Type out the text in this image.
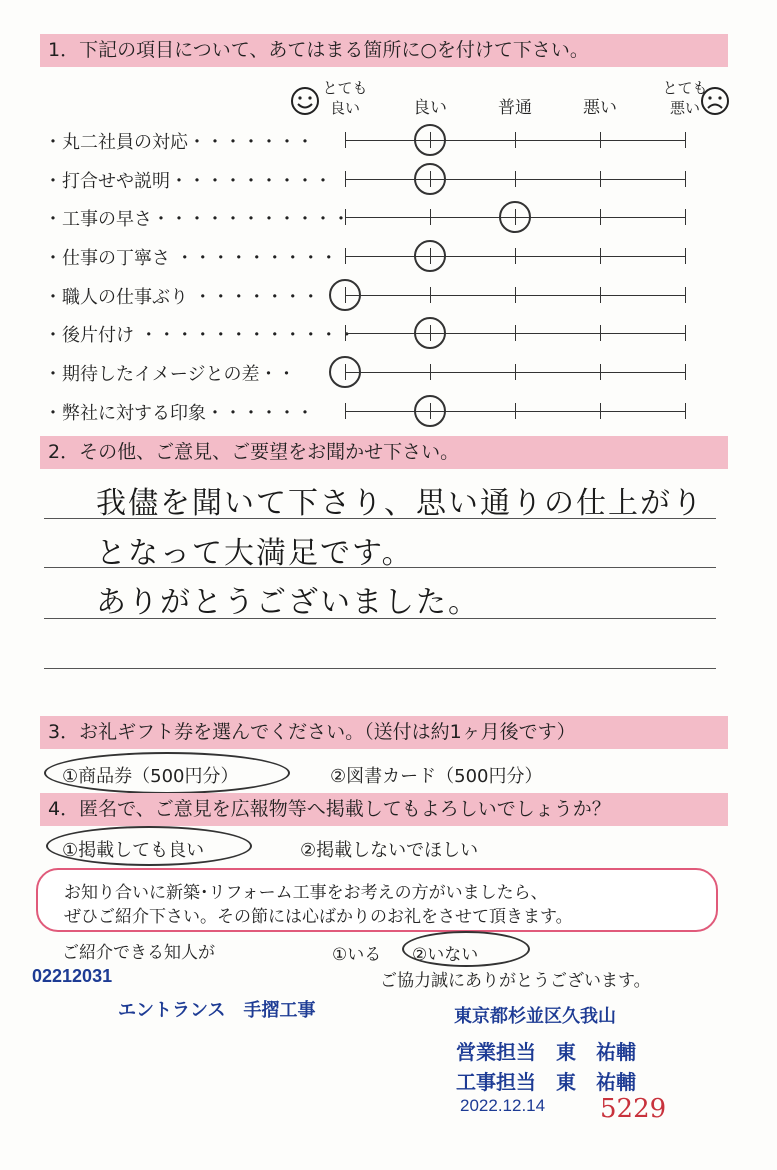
1．下記の項目について、あてはまる箇所に○を付けて下さい。
とても
良い	良い	普通	悪い
とても
悪い
・丸二社員の対応・・・・・・・
・打合せや説明・・・・・・・・・
・工事の早さ・・・・・・・・・・・
・仕事の丁寧さ ・・・・・・・・・
・職人の仕事ぶり ・・・・・・・
・後片付け ・・・・・・・・・・・・
・期待したイメージとの差・・
・弊社に対する印象・・・・・・
2．その他、ご意見、ご要望をお聞かせ下さい。
我儘を聞いて下さり、思い通りの仕上がり
となって大満足です。
ありがとうございました。
3．お礼ギフト券を選んでください。（送付は約1ヶ月後です）
①商品券（500円分）	②図書カード（500円分）
4．匿名で、ご意見を広報物等へ掲載してもよろしいでしょうか？
①掲載しても良い	②掲載しないでほしい
お知り合いに新築･リフォーム工事をお考えの方がいましたら、
ぜひご紹介下さい。その節には心ばかりのお礼をさせて頂きます。
ご紹介できる知人が	①いる ②いない
ご協力誠にありがとうございます。
02212031
エントランス　手摺工事	東京都杉並区久我山
営業担当　東　祐輔
工事担当　東　祐輔
2022.12.14 5229
